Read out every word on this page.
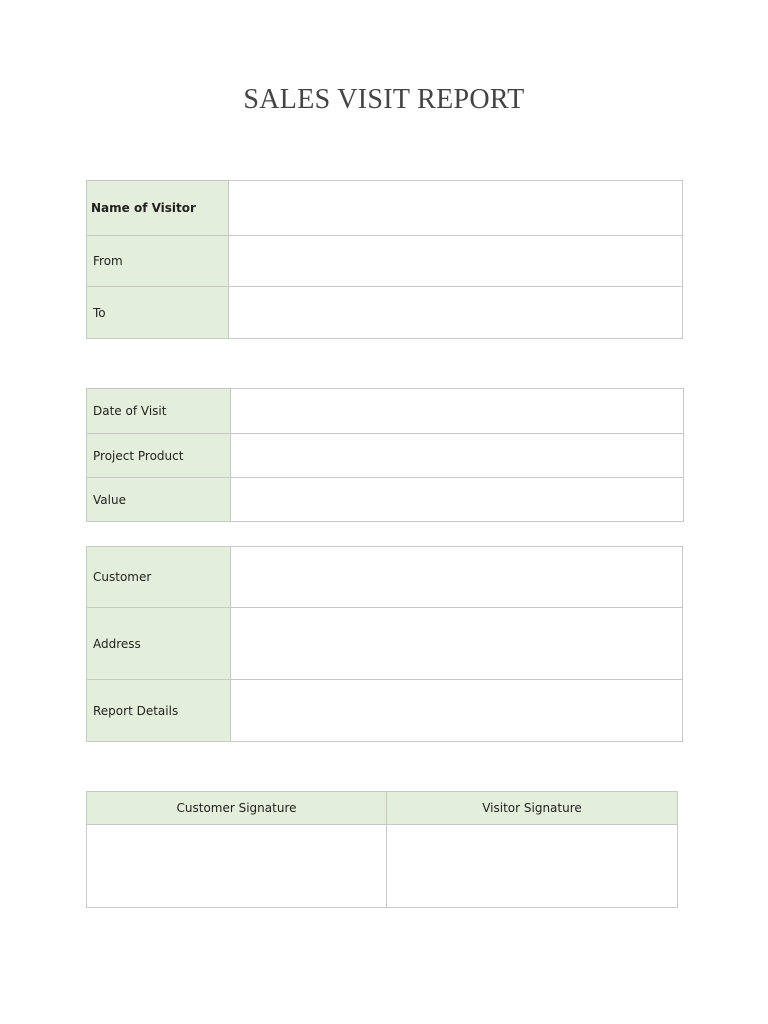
SALES VISIT REPORT
Name of Visitor	
From	
To	
Date of Visit	
Project Product	
Value	
Customer	
Address	
Report Details	
Customer Signature	Visitor Signature
